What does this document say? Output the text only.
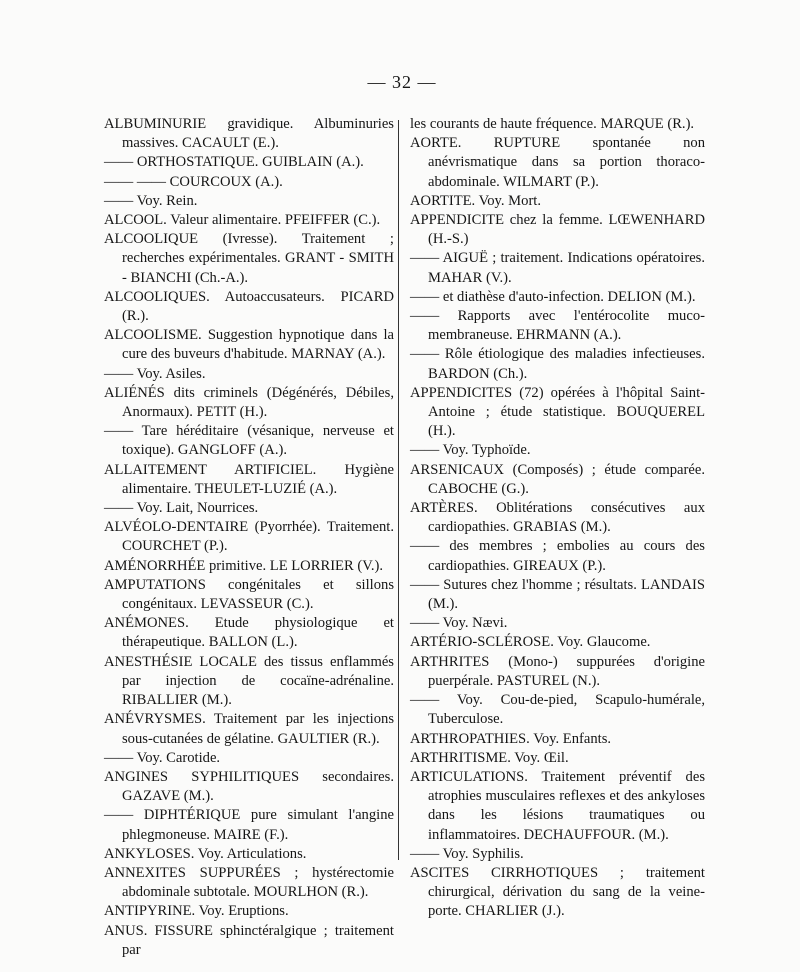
— 32 —
ALBUMINURIE gravidique. Albuminuries massives. CACAULT (E.).
—— ORTHOSTATIQUE. GUIBLAIN (A.).
—— —— COURCOUX (A.).
—— Voy. Rein.
ALCOOL. Valeur alimentaire. PFEIFFER (C.).
ALCOOLIQUE (Ivresse). Traitement ; recherches expérimentales. GRANT - SMITH - BIANCHI (Ch.-A.).
ALCOOLIQUES. Autoaccusateurs. PICARD (R.).
ALCOOLISME. Suggestion hypnotique dans la cure des buveurs d'habitude. MARNAY (A.).
—— Voy. Asiles.
ALIÉNÉS dits criminels (Dégénérés, Débiles, Anormaux). PETIT (H.).
—— Tare héréditaire (vésanique, nerveuse et toxique). GANGLOFF (A.).
ALLAITEMENT ARTIFICIEL. Hygiène alimentaire. THEULET-LUZIÉ (A.).
—— Voy. Lait, Nourrices.
ALVÉOLO-DENTAIRE (Pyorrhée). Traitement. COURCHET (P.).
AMÉNORRHÉE primitive. LE LORRIER (V.).
AMPUTATIONS congénitales et sillons congénitaux. LEVASSEUR (C.).
ANÉMONES. Etude physiologique et thérapeutique. BALLON (L.).
ANESTHÉSIE LOCALE des tissus enflammés par injection de cocaïne-adrénaline. RIBALLIER (M.).
ANÉVRYSMES. Traitement par les injections sous-cutanées de gélatine. GAULTIER (R.).
—— Voy. Carotide.
ANGINES SYPHILITIQUES secondaires. GAZAVE (M.).
—— DIPHTÉRIQUE pure simulant l'angine phlegmoneuse. MAIRE (F.).
ANKYLOSES. Voy. Articulations.
ANNEXITES SUPPURÉES ; hystérectomie abdominale subtotale. MOURLHON (R.).
ANTIPYRINE. Voy. Eruptions.
ANUS. FISSURE sphinctéralgique ; traitement par
les courants de haute fréquence. MARQUE (R.).
AORTE. RUPTURE spontanée non anévrismatique dans sa portion thoraco-abdominale. WILMART (P.).
AORTITE. Voy. Mort.
APPENDICITE chez la femme. LŒWENHARD (H.-S.)
—— AIGUË ; traitement. Indications opératoires. MAHAR (V.).
—— et diathèse d'auto-infection. DELION (M.).
—— Rapports avec l'entérocolite muco-membraneuse. EHRMANN (A.).
—— Rôle étiologique des maladies infectieuses. BARDON (Ch.).
APPENDICITES (72) opérées à l'hôpital Saint-Antoine ; étude statistique. BOUQUEREL (H.).
—— Voy. Typhoïde.
ARSENICAUX (Composés) ; étude comparée. CABOCHE (G.).
ARTÈRES. Oblitérations consécutives aux cardiopathies. GRABIAS (M.).
—— des membres ; embolies au cours des cardiopathies. GIREAUX (P.).
—— Sutures chez l'homme ; résultats. LANDAIS (M.).
—— Voy. Nævi.
ARTÉRIO-SCLÉROSE. Voy. Glaucome.
ARTHRITES (Mono-) suppurées d'origine puerpérale. PASTUREL (N.).
—— Voy. Cou-de-pied, Scapulo-humérale, Tuberculose.
ARTHROPATHIES. Voy. Enfants.
ARTHRITISME. Voy. Œil.
ARTICULATIONS. Traitement préventif des atrophies musculaires reflexes et des ankyloses dans les lésions traumatiques ou inflammatoires. DECHAUFFOUR. (M.).
—— Voy. Syphilis.
ASCITES CIRRHOTIQUES ; traitement chirurgical, dérivation du sang de la veine-porte. CHARLIER (J.).
